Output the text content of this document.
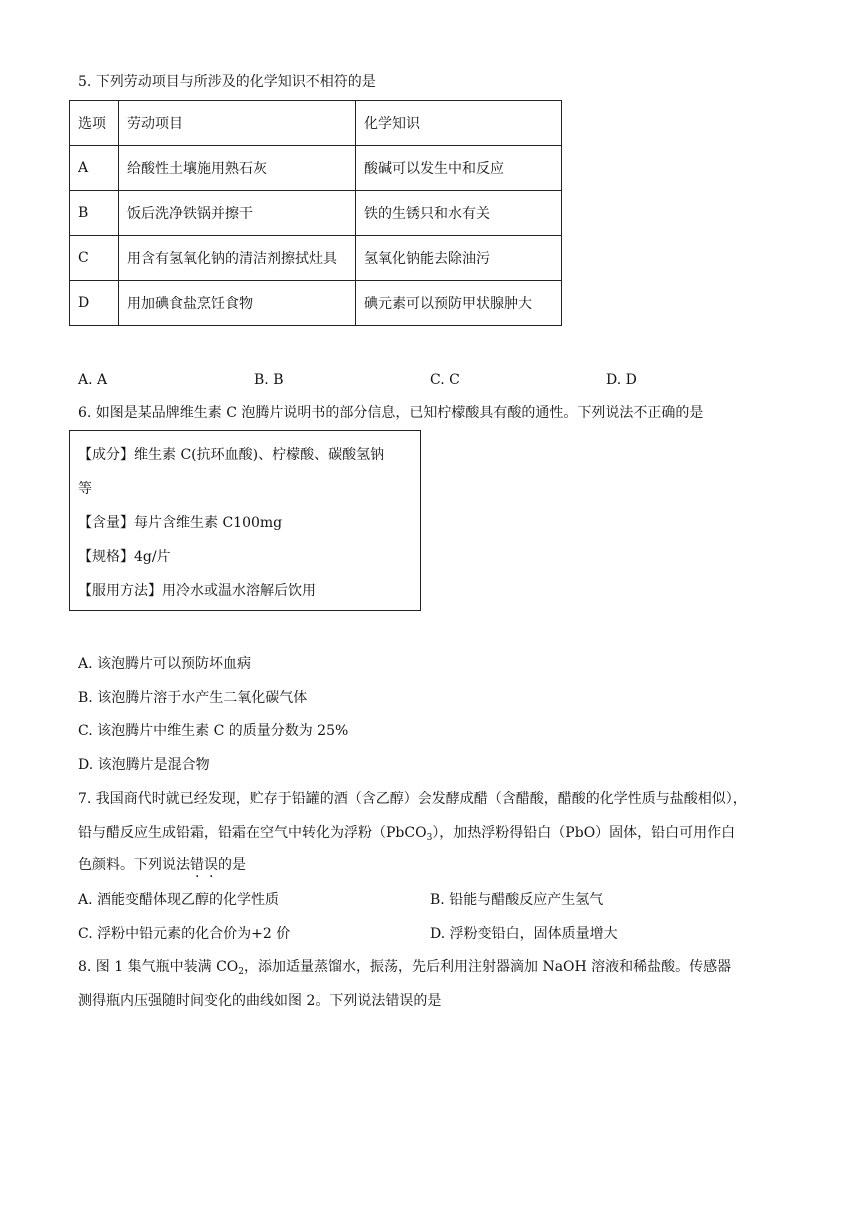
5. 下列劳动项目与所涉及的化学知识不相符的是
选项	劳动项目	化学知识
A	给酸性土壤施用熟石灰	酸碱可以发生中和反应
B	饭后洗净铁锅并擦干	铁的生锈只和水有关
C	用含有氢氧化钠的清洁剂擦拭灶具	氢氧化钠能去除油污
D	用加碘食盐烹饪食物	碘元素可以预防甲状腺肿大
A. A	B. B	C. C	D. D
6. 如图是某品牌维生素 C 泡腾片说明书的部分信息，已知柠檬酸具有酸的通性。下列说法不正确的是
【成分】维生素 C(抗环血酸)、柠檬酸、碳酸氢钠
等
【含量】每片含维生素 C100mg
【规格】4g/片
【服用方法】用冷水或温水溶解后饮用
A. 该泡腾片可以预防坏血病
B. 该泡腾片溶于水产生二氧化碳气体
C. 该泡腾片中维生素 C 的质量分数为 25%
D. 该泡腾片是混合物
7. 我国商代时就已经发现，贮存于铅罐的酒（含乙醇）会发酵成醋（含醋酸，醋酸的化学性质与盐酸相似），
铅与醋反应生成铅霜，铅霜在空气中转化为浮粉（PbCO$_3$），加热浮粉得铅白（PbO）固体，铅白可用作白
色颜料。下列说法错误的是
A. 酒能变醋体现乙醇的化学性质	B. 铅能与醋酸反应产生氢气
C. 浮粉中铅元素的化合价为+2 价	D. 浮粉变铅白，固体质量增大
8. 图 1 集气瓶中装满 $CO_2$，添加适量蒸馏水，振荡，先后利用注射器滴加 NaOH 溶液和稀盐酸。传感器
测得瓶内压强随时间变化的曲线如图 2。下列说法错误的是
